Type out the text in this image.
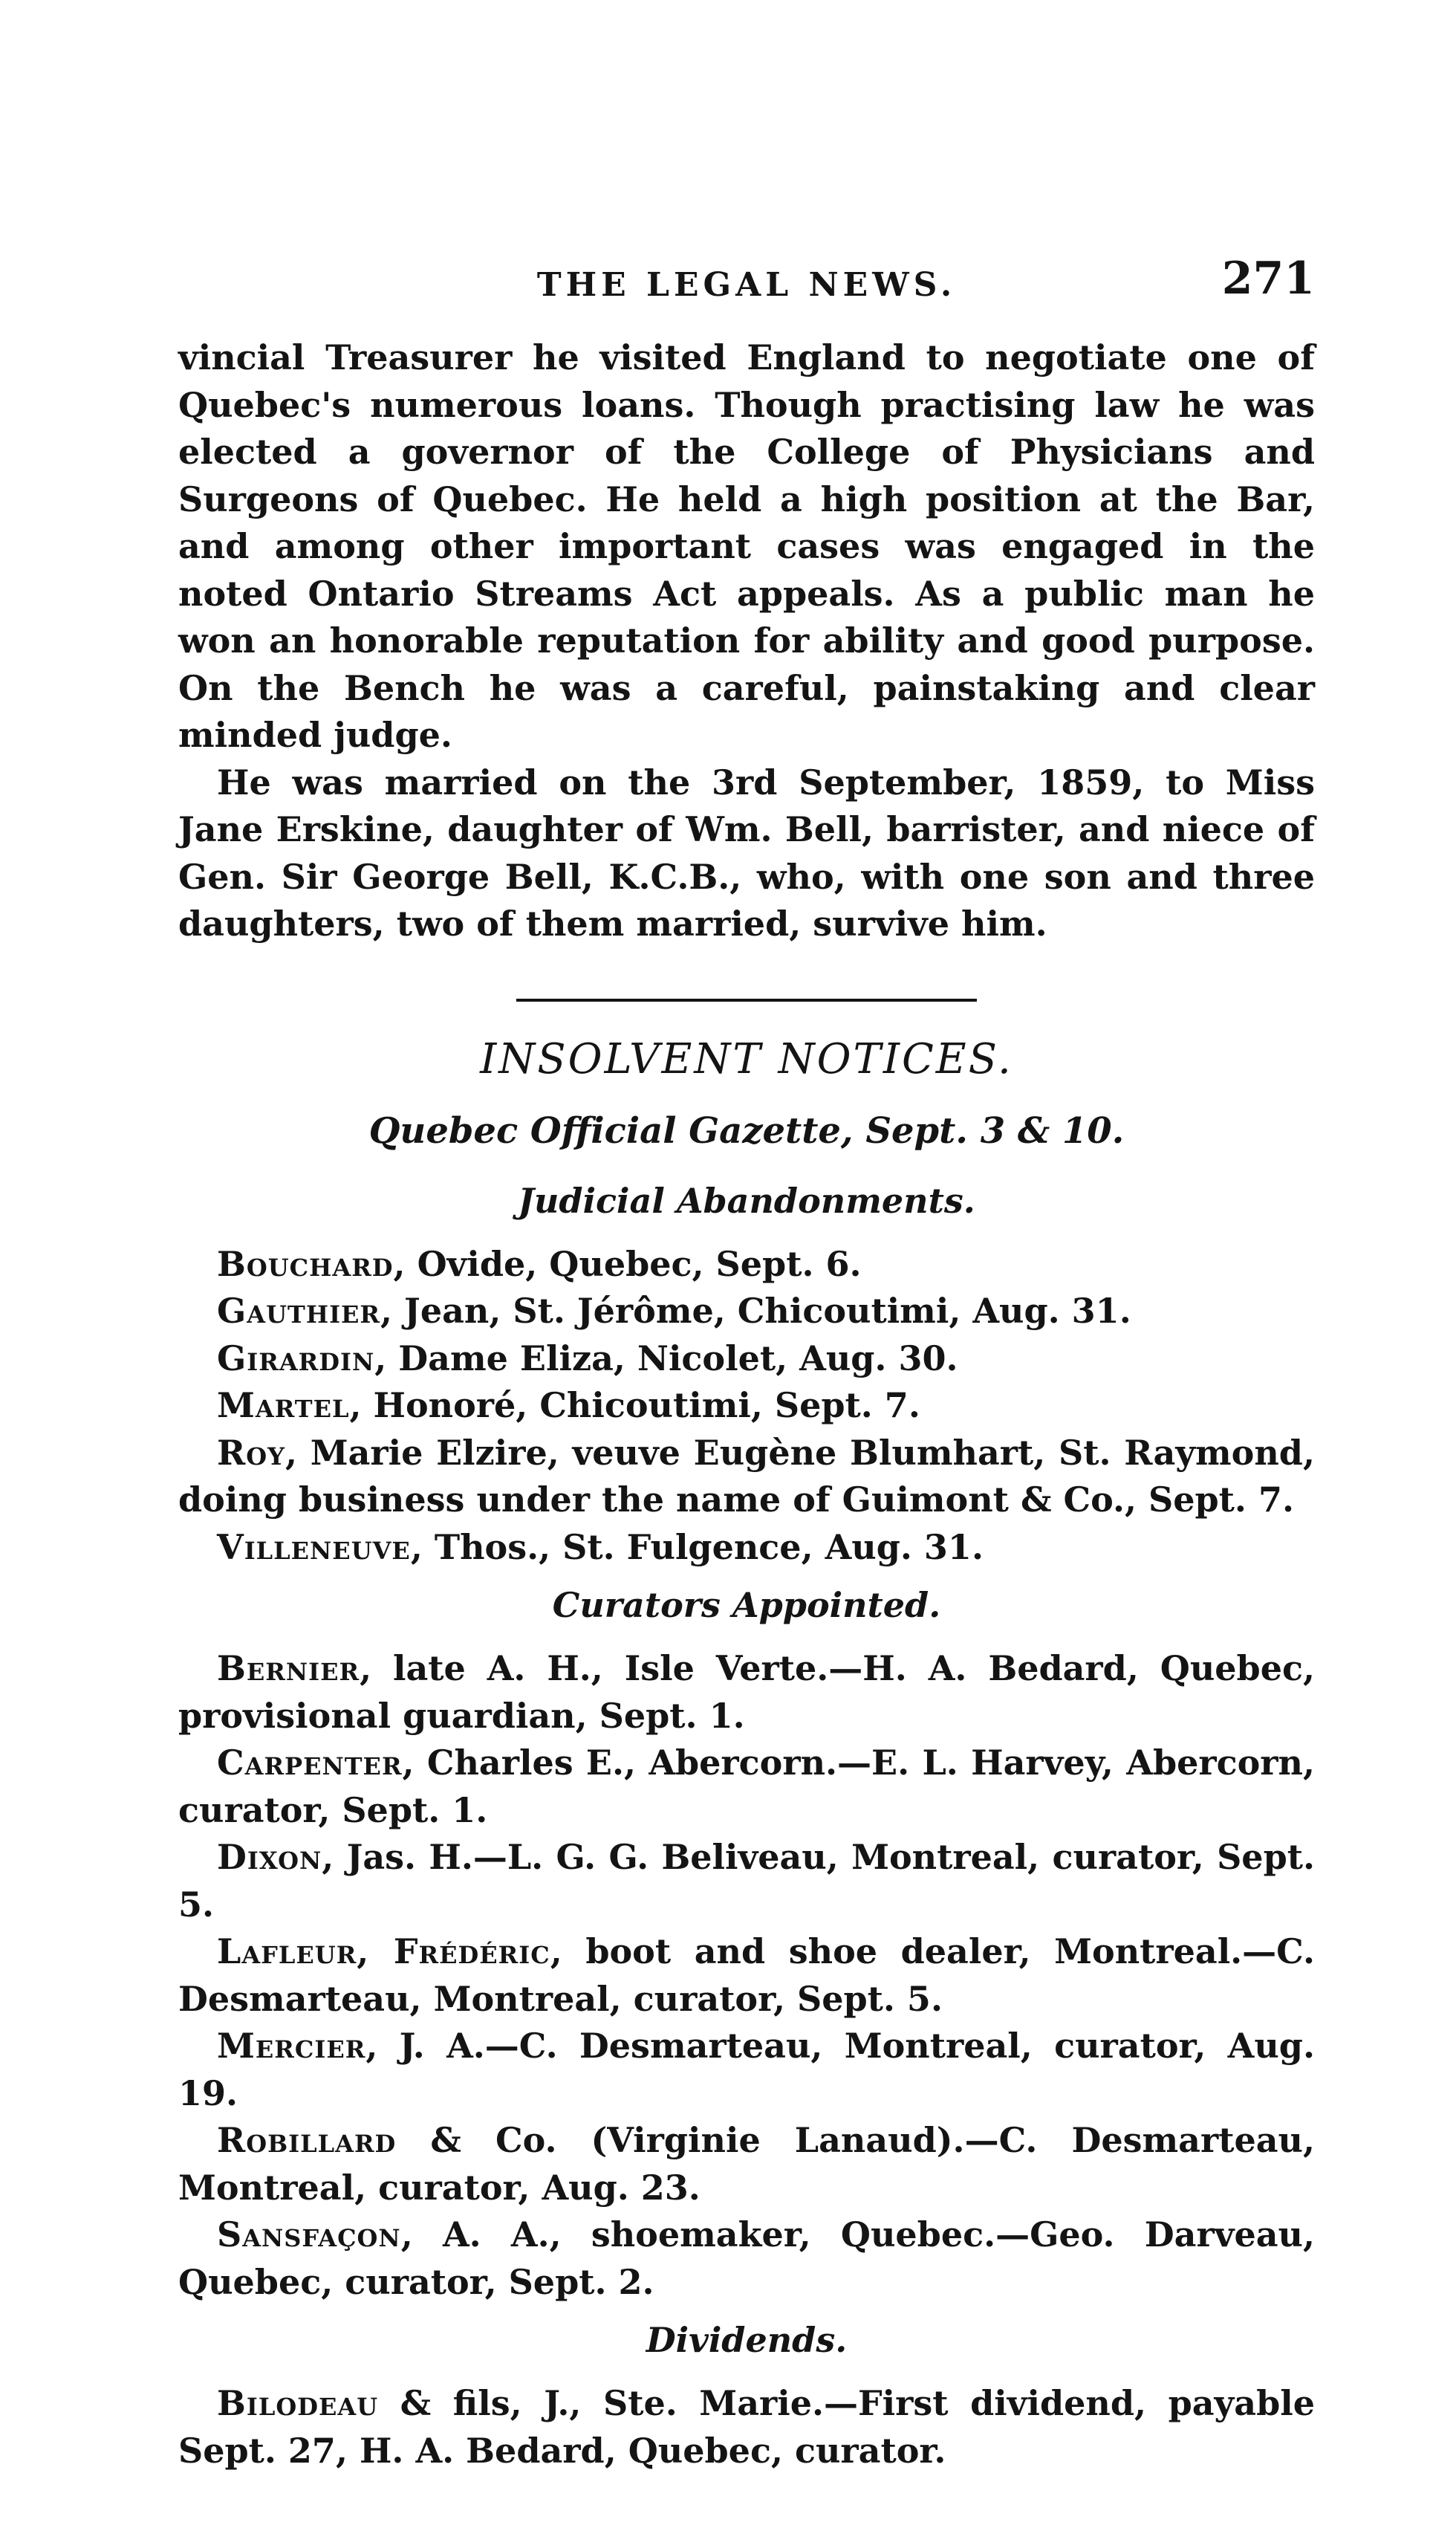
THE LEGAL NEWS.	271

vincial Treasurer he visited England to negotiate one of Quebec's numerous loans. Though practising law he was elected a governor of the College of Physicians and Surgeons of Quebec. He held a high position at the Bar, and among other important cases was engaged in the noted Ontario Streams Act appeals. As a public man he won an honorable reputation for ability and good purpose. On the Bench he was a careful, painstaking and clear minded judge.

He was married on the 3rd September, 1859, to Miss Jane Erskine, daughter of Wm. Bell, barrister, and niece of Gen. Sir George Bell, K.C.B., who, with one son and three daughters, two of them married, survive him.

INSOLVENT NOTICES.
Quebec Official Gazette, Sept. 3 & 10.
Judicial Abandonments.

Bouchard, Ovide, Quebec, Sept. 6.

Gauthier, Jean, St. Jérôme, Chicoutimi, Aug. 31.

Girardin, Dame Eliza, Nicolet, Aug. 30.

Martel, Honoré, Chicoutimi, Sept. 7.

Roy, Marie Elzire, veuve Eugène Blumhart, St. Raymond, doing business under the name of Guimont & Co., Sept. 7.

Villeneuve, Thos., St. Fulgence, Aug. 31.

Curators Appointed.

Bernier, late A. H., Isle Verte.—H. A. Bedard, Quebec, provisional guardian, Sept. 1.

Carpenter, Charles E., Abercorn.—E. L. Harvey, Abercorn, curator, Sept. 1.

Dixon, Jas. H.—L. G. G. Beliveau, Montreal, curator, Sept. 5.

Lafleur, Frédéric, boot and shoe dealer, Montreal.—C. Desmarteau, Montreal, curator, Sept. 5.

Mercier, J. A.—C. Desmarteau, Montreal, curator, Aug. 19.

Robillard & Co. (Virginie Lanaud).—C. Desmarteau, Montreal, curator, Aug. 23.

Sansfaçon, A. A., shoemaker, Quebec.—Geo. Darveau, Quebec, curator, Sept. 2.

Dividends.

Bilodeau & fils, J., Ste. Marie.—First dividend, payable Sept. 27, H. A. Bedard, Quebec, curator.
